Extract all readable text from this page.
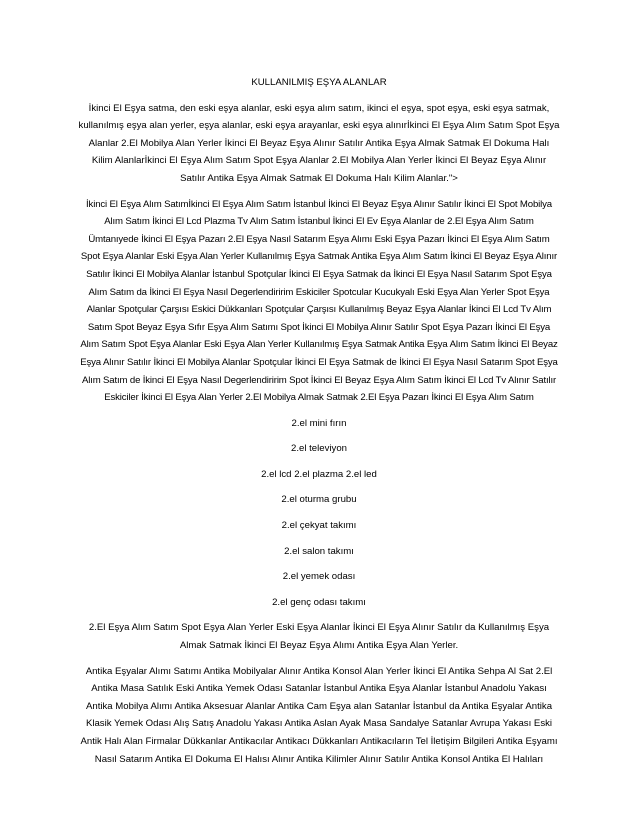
KULLANILMIŞ EŞYA ALANLAR

İkinci El Eşya satma, den eski eşya alanlar, eski eşya alım satım, ikinci el eşya, spot eşya, eski eşya satmak, kullanılmış eşya alan yerler, eşya alanlar, eski eşya arayanlar, eski eşya alınırİkinci El Eşya Alım Satım Spot Eşya Alanlar 2.El Mobilya Alan Yerler İkinci El Beyaz Eşya Alınır Satılır Antika Eşya Almak Satmak El Dokuma Halı Kilim Alanlarİkinci El Eşya Alım Satım Spot Eşya Alanlar 2.El Mobilya Alan Yerler İkinci El Beyaz Eşya Alınır Satılır Antika Eşya Almak Satmak El Dokuma Halı Kilim Alanlar.">

İkinci El Eşya Alım Satımİkinci El Eşya Alım Satım İstanbul İkinci El Beyaz Eşya Alınır Satılır İkinci El Spot Mobilya Alım Satım İkinci El Lcd Plazma Tv Alım Satım İstanbul İkinci El Ev Eşya Alanlar de 2.El Eşya Alım Satım Ümtanıyede İkinci El Eşya Pazarı 2.El Eşya Nasıl Satarım Eşya Alımı Eski Eşya Pazarı İkinci El Eşya Alım Satım Spot Eşya Alanlar Eski Eşya Alan Yerler Kullanılmış Eşya Satmak Antika Eşya Alım Satım İkinci El Beyaz Eşya Alınır Satılır İkinci El Mobilya Alanlar İstanbul Spotçular İkinci El Eşya Satmak da İkinci El Eşya Nasıl Satarım Spot Eşya Alım Satım da İkinci El Eşya Nasıl Degerlendiririm Eskiciler Spotcular Kucukyalı Eski Eşya Alan Yerler Spot Eşya Alanlar Spotçular Çarşısı Eskici Dükkanları Spotçular Çarşısı Kullanılmış Beyaz Eşya Alanlar İkinci El Lcd Tv Alım Satım Spot Beyaz Eşya Sıfır Eşya Alım Satımı Spot İkinci El Mobilya Alınır Satılır Spot Eşya Pazarı İkinci El Eşya Alım Satım Spot Eşya Alanlar Eski Eşya Alan Yerler Kullanılmış Eşya Satmak Antika Eşya Alım Satım İkinci El Beyaz Eşya Alınır Satılır İkinci El Mobilya Alanlar Spotçular İkinci El Eşya Satmak de İkinci El Eşya Nasıl Satarım Spot Eşya Alım Satım de İkinci El Eşya Nasıl Degerlendiririm Spot İkinci El Beyaz Eşya Alım Satım İkinci El Lcd Tv Alınır Satılır Eskiciler İkinci El Eşya Alan Yerler 2.El Mobilya Almak Satmak 2.El Eşya Pazarı İkinci El Eşya Alım Satım

2.el mini fırın

2.el televiyon

2.el lcd 2.el plazma 2.el led

2.el oturma grubu

2.el çekyat takımı

2.el salon takımı

2.el yemek odası

2.el genç odası takımı

2.El Eşya Alım Satım Spot Eşya Alan Yerler Eski Eşya Alanlar İkinci El Eşya Alınır Satılır da Kullanılmış Eşya Almak Satmak İkinci El Beyaz Eşya Alımı Antika Eşya Alan Yerler.

Antika Eşyalar Alımı Satımı Antika Mobilyalar Alınır Antika Konsol Alan Yerler İkinci El Antika Sehpa Al Sat 2.El Antika Masa Satılık Eski Antika Yemek Odası Satanlar İstanbul Antika Eşya Alanlar İstanbul Anadolu Yakası Antika Mobilya Alımı Antika Aksesuar Alanlar Antika Cam Eşya alan Satanlar İstanbul da Antika Eşyalar Antika Klasik Yemek Odası Alış Satış Anadolu Yakası Antika Aslan Ayak Masa Sandalye Satanlar Avrupa Yakası Eski Antik Halı Alan Firmalar Dükkanlar Antikacılar Antikacı Dükkanları Antikacıların Tel İletişim Bilgileri Antika Eşyamı Nasıl Satarım Antika El Dokuma El Halısı Alınır Antika Kilimler Alınır Satılır Antika Konsol Antika El Halıları
